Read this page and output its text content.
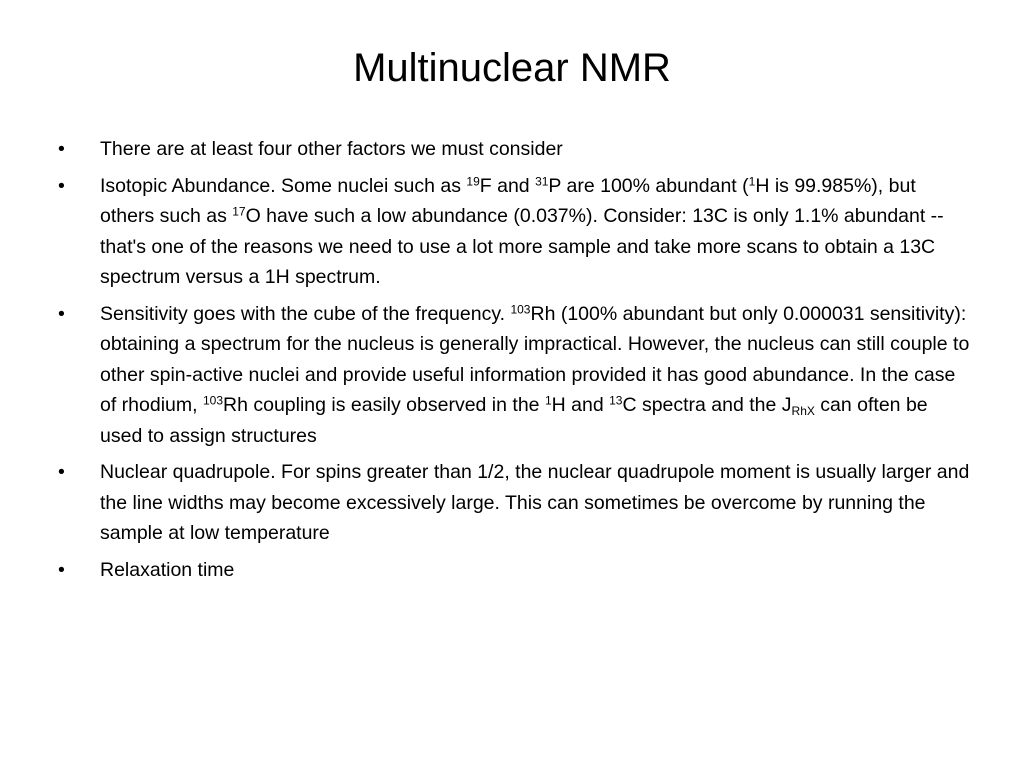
Multinuclear NMR
•	There are at least four other factors we must consider
•	Isotopic Abundance. Some nuclei such as $^{19}$F and $^{31}$P are 100% abundant ($^1$H is 99.985%), but others such as $^{17}$O have such a low abundance (0.037%). Consider: 13C is only 1.1% abundant -- that's one of the reasons we need to use a lot more sample and take more scans to obtain a 13C spectrum versus a 1H spectrum.
•	Sensitivity goes with the cube of the frequency. $^{103}$Rh (100% abundant but only 0.000031 sensitivity): obtaining a spectrum for the nucleus is generally impractical. However, the nucleus can still couple to other spin-active nuclei and provide useful information provided it has good abundance. In the case of rhodium, $^{103}$Rh coupling is easily observed in the $^1$H and $^{13}$C spectra and the $J_{RhX}$ can often be used to assign structures
•	Nuclear quadrupole. For spins greater than 1/2, the nuclear quadrupole moment is usually larger and the line widths may become excessively large. This can sometimes be overcome by running the sample at low temperature
•	Relaxation time
